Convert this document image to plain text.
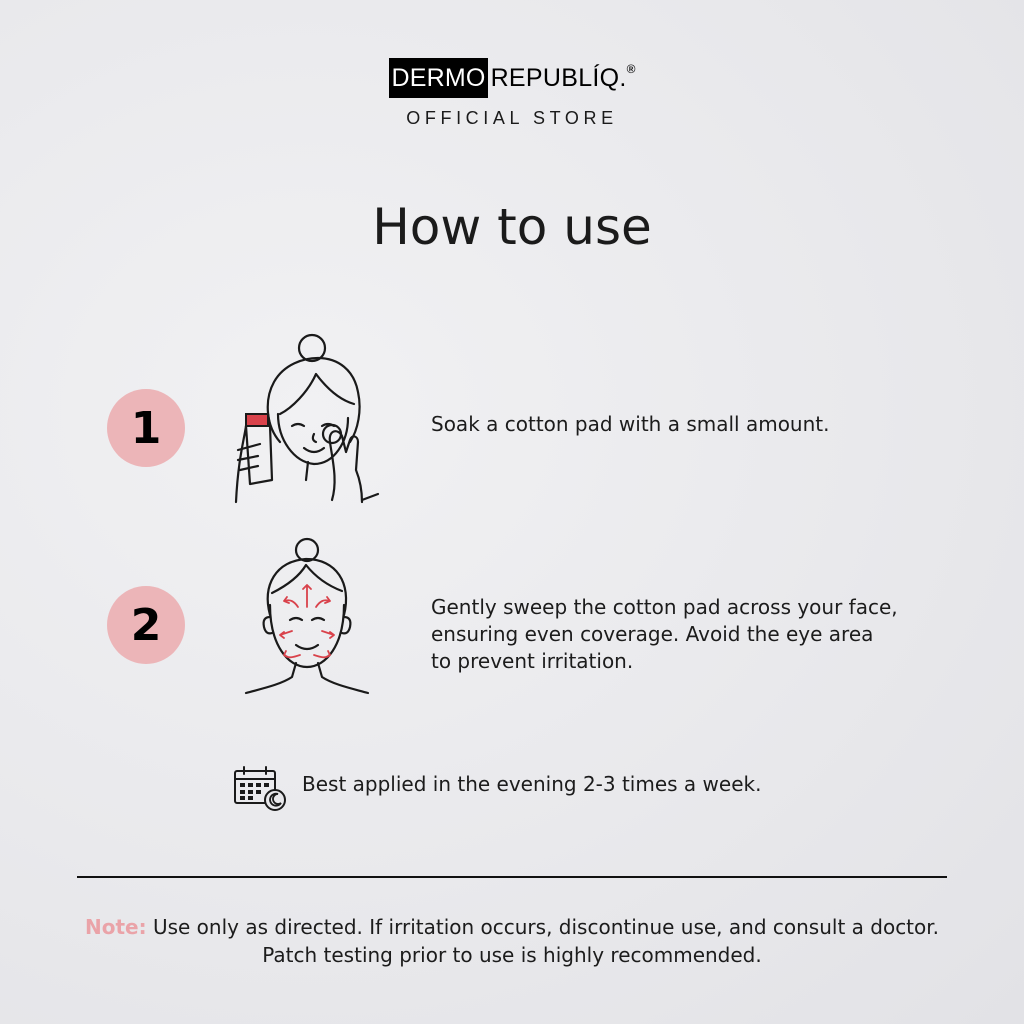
DERMO REPUBLÍQ. ®
OFFICIAL STORE
How to use
1	Soak a cotton pad with a small amount.
2	Gently sweep the cotton pad across your face,
ensuring even coverage. Avoid the eye area
to prevent irritation.
Best applied in the evening 2-3 times a week.
Note: Use only as directed. If irritation occurs, discontinue use, and consult a doctor.
Patch testing prior to use is highly recommended.
